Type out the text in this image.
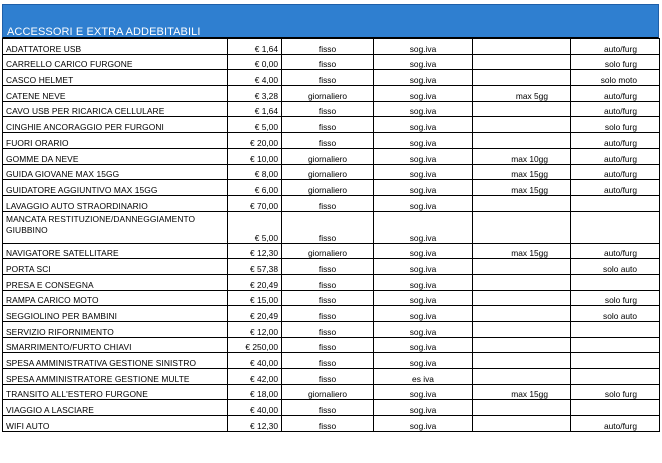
ACCESSORI E EXTRA ADDEBITABILI
ADATTATORE USB	€ 1,64	fisso	sog.iva		auto/furg
CARRELLO CARICO FURGONE	€ 0,00	fisso	sog.iva		solo furg
CASCO HELMET	€ 4,00	fisso	sog.iva		solo moto
CATENE NEVE	€ 3,28	giornaliero	sog.iva	max 5gg	auto/furg
CAVO USB PER RICARICA CELLULARE	€ 1,64	fisso	sog.iva		auto/furg
CINGHIE ANCORAGGIO PER FURGONI	€ 5,00	fisso	sog.iva		solo furg
FUORI ORARIO	€ 20,00	fisso	sog.iva		auto/furg
GOMME DA NEVE	€ 10,00	giornaliero	sog.iva	max 10gg	auto/furg
GUIDA GIOVANE MAX 15GG	€ 8,00	giornaliero	sog.iva	max 15gg	auto/furg
GUIDATORE AGGIUNTIVO MAX 15GG	€ 6,00	giornaliero	sog.iva	max 15gg	auto/furg
LAVAGGIO AUTO STRAORDINARIO	€ 70,00	fisso	sog.iva		
MANCATA RESTITUZIONE/DANNEGGIAMENTO GIUBBINO	€ 5,00	fisso	sog.iva		
NAVIGATORE SATELLITARE	€ 12,30	giornaliero	sog.iva	max 15gg	auto/furg
PORTA SCI	€ 57,38	fisso	sog.iva		solo auto
PRESA E CONSEGNA	€ 20,49	fisso	sog.iva		
RAMPA CARICO MOTO	€ 15,00	fisso	sog.iva		solo furg
SEGGIOLINO PER BAMBINI	€ 20,49	fisso	sog.iva		solo auto
SERVIZIO RIFORNIMENTO	€ 12,00	fisso	sog.iva		
SMARRIMENTO/FURTO CHIAVI	€ 250,00	fisso	sog.iva		
SPESA AMMINISTRATIVA GESTIONE SINISTRO	€ 40,00	fisso	sog.iva		
SPESA AMMINISTRATORE GESTIONE MULTE	€ 42,00	fisso	es iva		
TRANSITO ALL'ESTERO FURGONE	€ 18,00	giornaliero	sog.iva	max 15gg	solo furg
VIAGGIO A LASCIARE	€ 40,00	fisso	sog.iva		
WIFI AUTO	€ 12,30	fisso	sog.iva		auto/furg
